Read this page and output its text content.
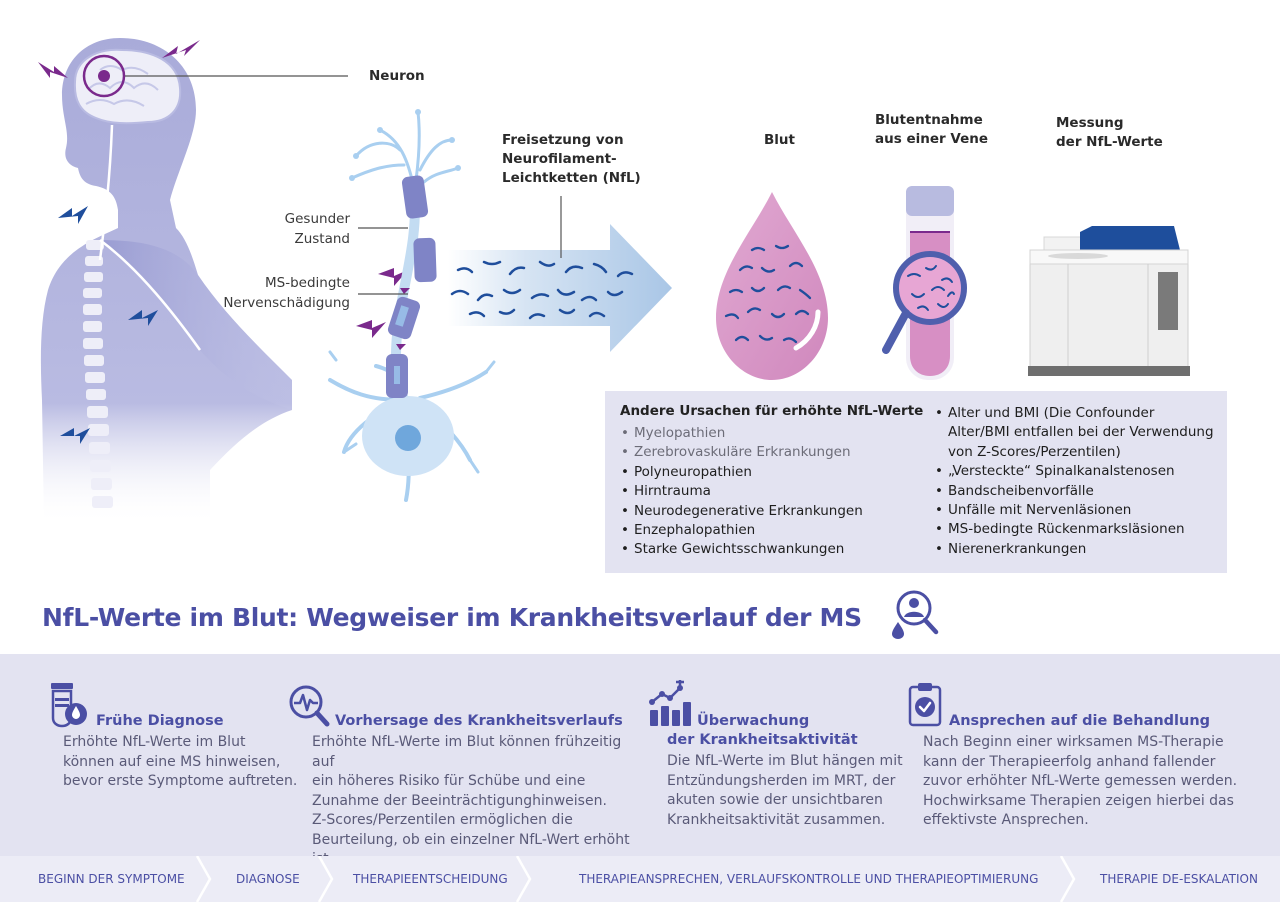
Neuron
Gesunder
Zustand
MS-bedingte
Nervenschädigung
Freisetzung von
Neurofilament-
Leichtketten (NfL)
Blut
Blutentnahme
aus einer Vene
Messung
der NfL-Werte
Andere Ursachen für erhöhte NfL-Werte
• Myelopathien
• Zerebrovaskuläre Erkrankungen
• Polyneuropathien
• Hirntrauma
• Neurodegenerative Erkrankungen
• Enzephalopathien
• Starke Gewichtsschwankungen
• Alter und BMI (Die Confounder Alter/BMI entfallen bei der Verwendung von Z-Scores/Perzentilen)
• „Versteckte“ Spinalkanalstenosen
• Bandscheibenvorfälle
• Unfälle mit Nervenläsionen
• MS-bedingte Rückenmarksläsionen
• Nierenerkrankungen
NfL-Werte im Blut: Wegweiser im Krankheitsverlauf der MS
Frühe Diagnose
Erhöhte NfL-Werte im Blut
können auf eine MS hinweisen,
bevor erste Symptome auftreten.
Vorhersage des Krankheitsverlaufs
Erhöhte NfL-Werte im Blut können frühzeitig auf
ein höheres Risiko für Schübe und eine
Zunahme der Beeinträchtigunghinweisen.
Z-Scores/Perzentilen ermöglichen die
Beurteilung, ob ein einzelner NfL-Wert erhöht
Überwachung
der Krankheitsaktivität
Die NfL-Werte im Blut hängen mit
Entzündungsherden im MRT, der
akuten sowie der unsichtbaren
Krankheitsaktivität zusammen.
Ansprechen auf die Behandlung
Nach Beginn einer wirksamen MS-Therapie
kann der Therapieerfolg anhand fallender
zuvor erhöhter NfL-Werte gemessen werden.
Hochwirksame Therapien zeigen hierbei das
effektivste Ansprechen.
BEGINN DER SYMPTOME	DIAGNOSE	THERAPIEENTSCHEIDUNG	THERAPIEANSPRECHEN, VERLAUFSKONTROLLE UND THERAPIEOPTIMIERUNG	THERAPIE DE-ESKALATION
